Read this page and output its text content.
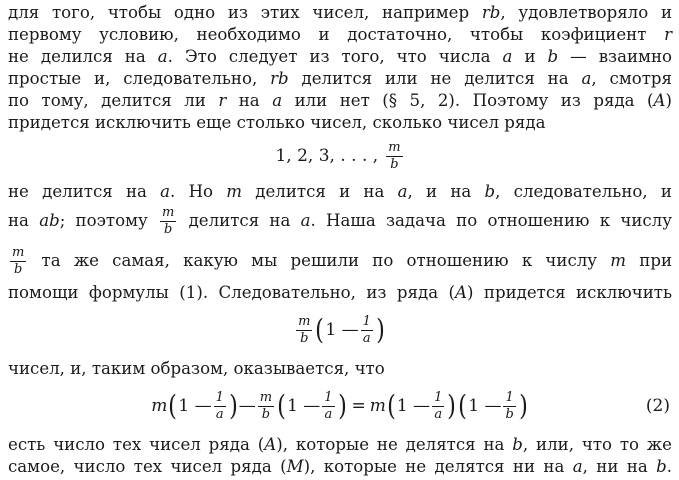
для того, чтобы одно из этих чисел, например rb, удовлетворяло и
первому условию, необходимо и достаточно, чтобы коэфициент r
не делился на a. Это следует из того, что числа a и b — взаимно
простые и, следовательно, rb делится или не делится на a, смотря
по тому, делится ли r на a или нет (§ 5, 2). Поэтому из ряда (A)
придется исключить еще столько чисел, сколько чисел ряда
1, 2, 3, . . . , $\frac{m}{b}$
не делится на a. Но m делится и на a, и на b, следовательно, и
на ab; поэтому $\frac{m}{b}$ делится на a. Наша задача по отношению к числу
$\frac{m}{b}$ та же самая, какую мы решили по отношению к числу m при
помощи формулы (1). Следовательно, из ряда (A) придется исключить
$\frac{m}{b}$ ( 1 — $\frac{1}{a}$ )
чисел, и, таким образом, оказывается, что
m ( 1 — $\frac{1}{a}$ ) — $\frac{m}{b}$ ( 1 — $\frac{1}{a}$ ) = m ( 1 — $\frac{1}{a}$ ) ( 1 — $\frac{1}{b}$ )	(2)
есть число тех чисел ряда (A), которые не делятся на b, или, что то же
самое, число тех чисел ряда (M), которые не делятся ни на a, ни на b.
